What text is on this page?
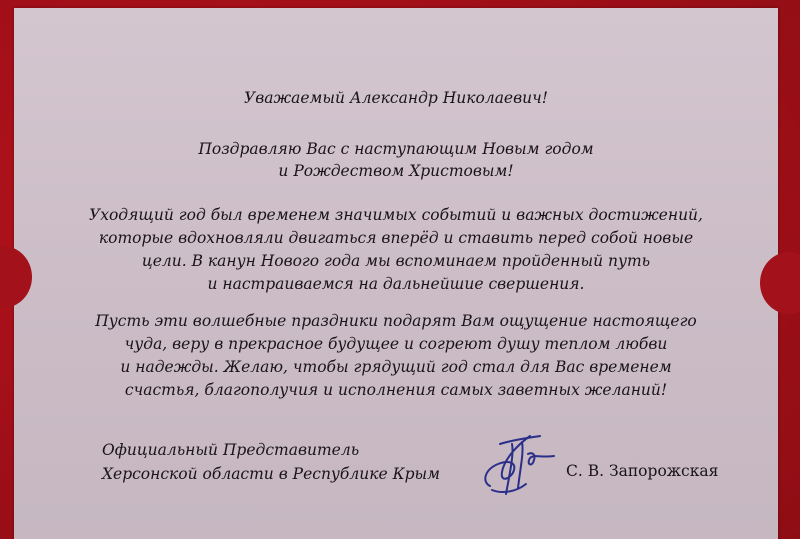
Уважаемый Александр Николаевич!
Поздравляю Вас с наступающим Новым годом
и Рождеством Христовым!
Уходящий год был временем значимых событий и важных достижений,
которые вдохновляли двигаться вперёд и ставить перед собой новые
цели. В канун Нового года мы вспоминаем пройденный путь
и настраиваемся на дальнейшие свершения.
Пусть эти волшебные праздники подарят Вам ощущение настоящего
чуда, веру в прекрасное будущее и согреют душу теплом любви
и надежды. Желаю, чтобы грядущий год стал для Вас временем
счастья, благополучия и исполнения самых заветных желаний!
Официальный Представитель
Херсонской области в Республике Крым	С. В. Запорожская
